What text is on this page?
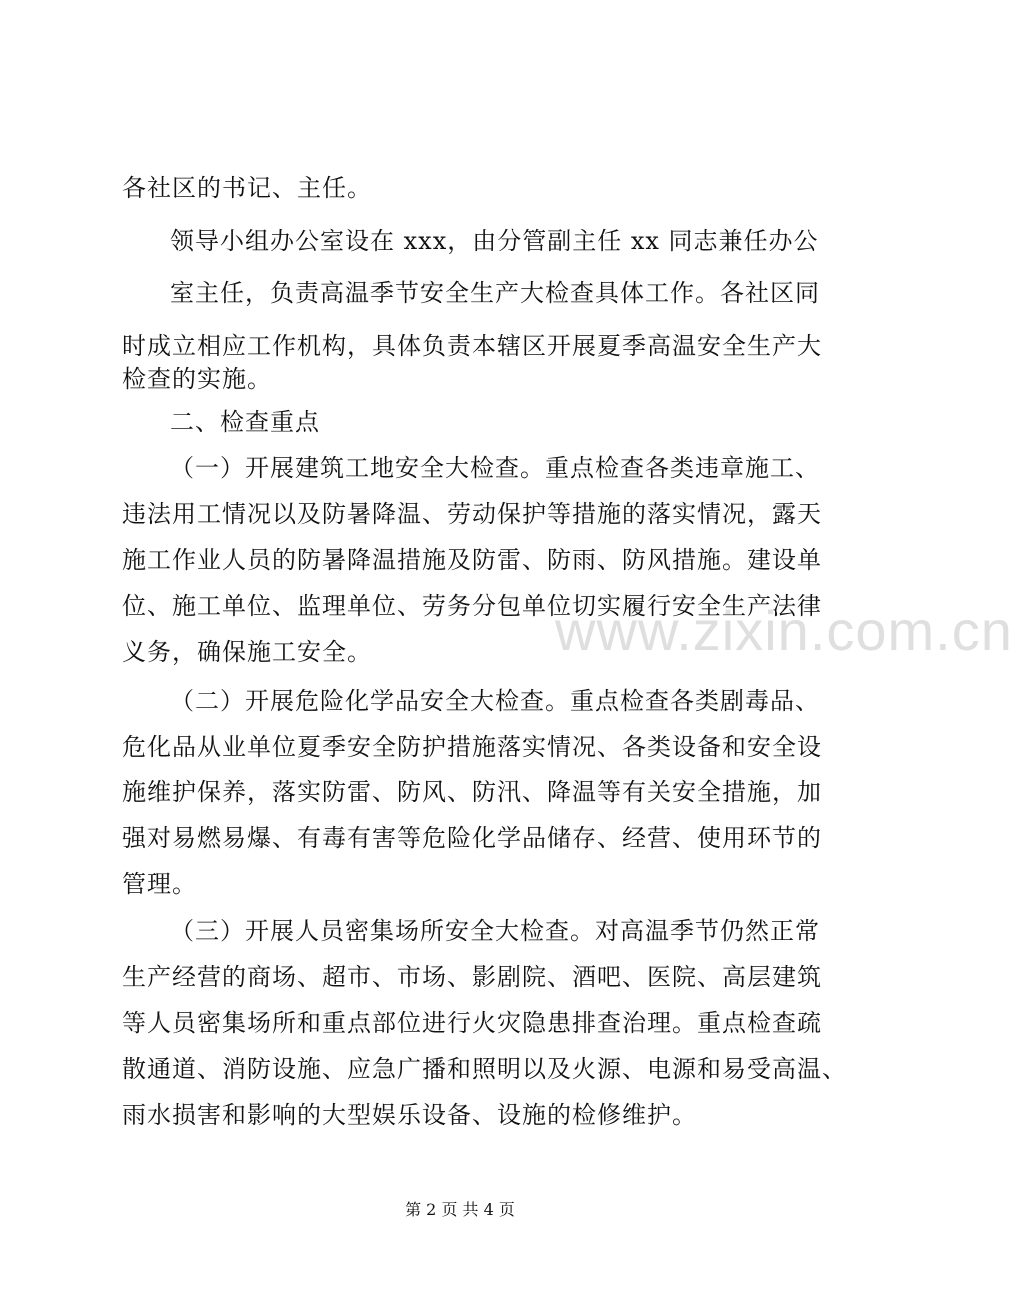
各社区的书记、主任。
领导小组办公室设在 xxx，由分管副主任 xx 同志兼任办公
室主任，负责高温季节安全生产大检查具体工作。各社区同
时成立相应工作机构，具体负责本辖区开展夏季高温安全生产大
检查的实施。
二、检查重点
（一）开展建筑工地安全大检查。重点检查各类违章施工、
违法用工情况以及防暑降温、劳动保护等措施的落实情况，露天
施工作业人员的防暑降温措施及防雷、防雨、防风措施。建设单
位、施工单位、监理单位、劳务分包单位切实履行安全生产法律
义务，确保施工安全。
（二）开展危险化学品安全大检查。重点检查各类剧毒品、
危化品从业单位夏季安全防护措施落实情况、各类设备和安全设
施维护保养，落实防雷、防风、防汛、降温等有关安全措施，加
强对易燃易爆、有毒有害等危险化学品储存、经营、使用环节的
管理。
（三）开展人员密集场所安全大检查。对高温季节仍然正常
生产经营的商场、超市、市场、影剧院、酒吧、医院、高层建筑
等人员密集场所和重点部位进行火灾隐患排查治理。重点检查疏
散通道、消防设施、应急广播和照明以及火源、电源和易受高温、
雨水损害和影响的大型娱乐设备、设施的检修维护。
www.zixin.com.cn
第 2 页 共 4 页
